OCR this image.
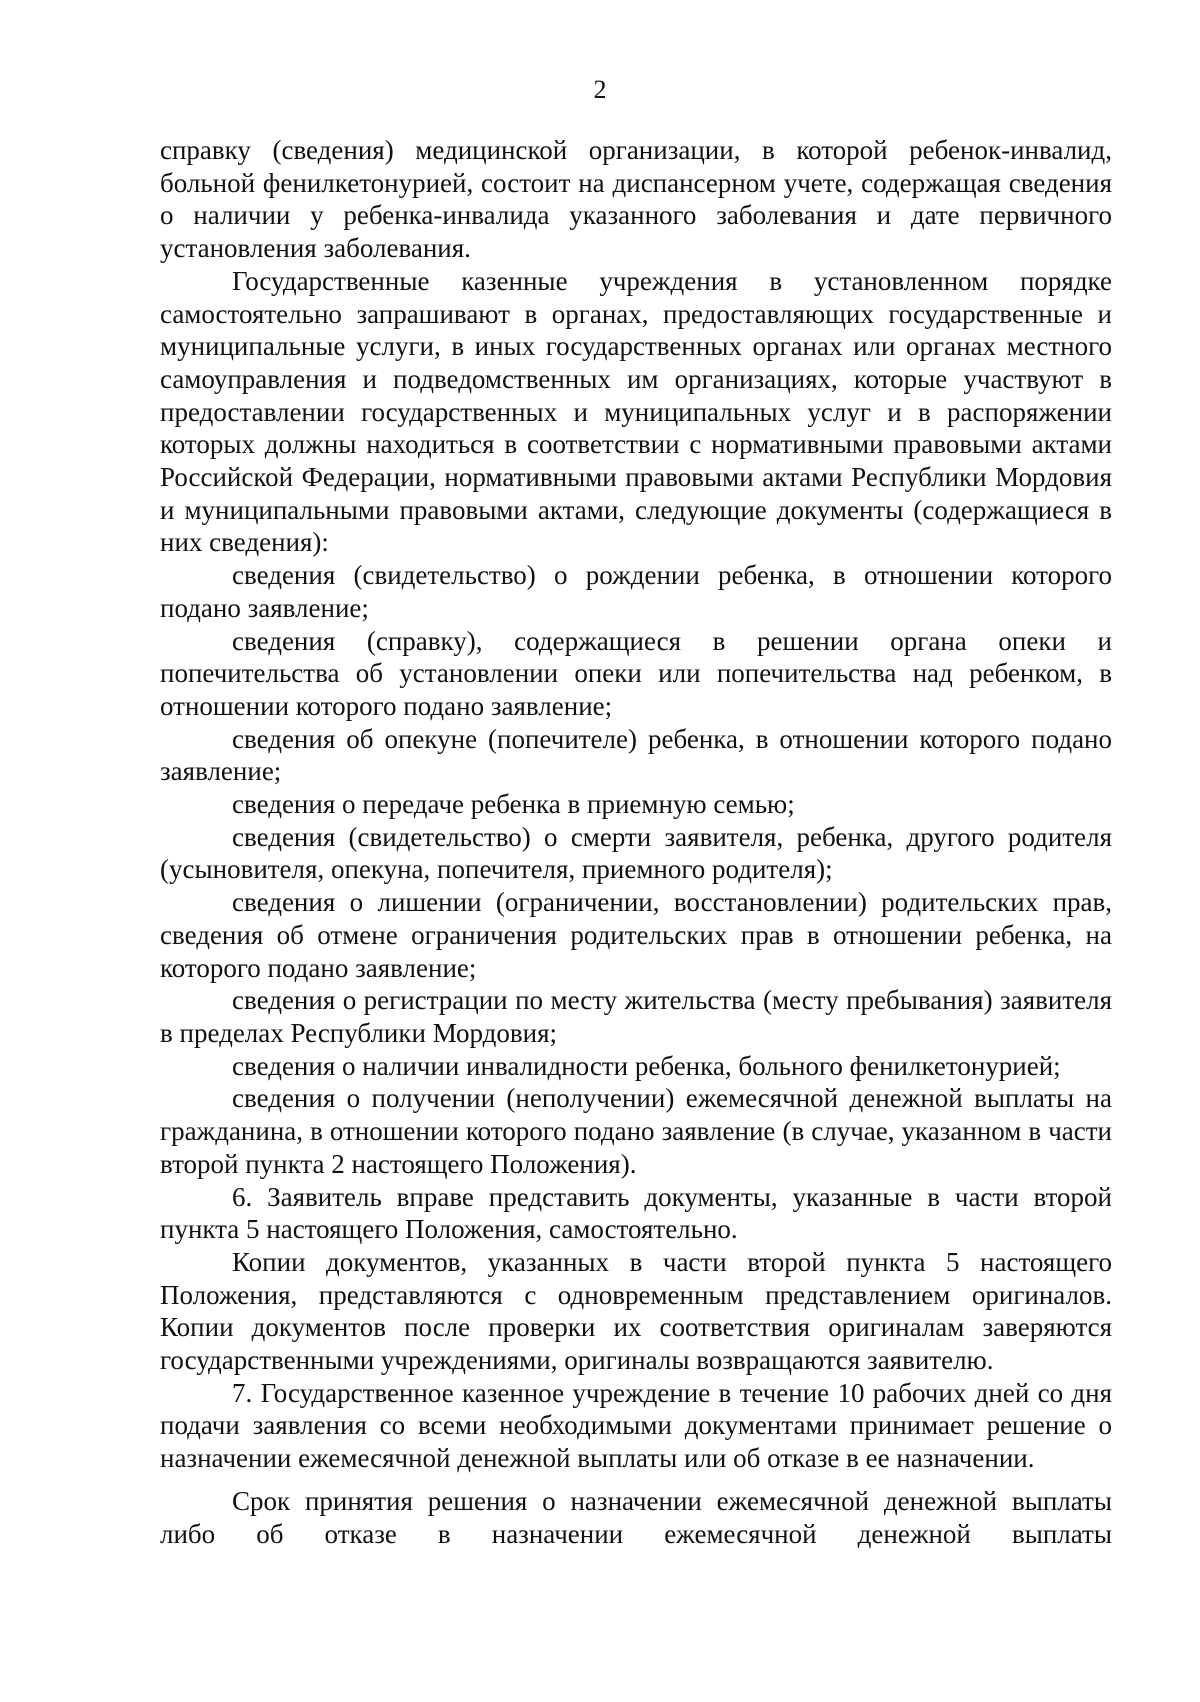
2

справку (сведения) медицинской организации, в которой ребенок-инвалид, больной фенилкетонурией, состоит на диспансерном учете, содержащая сведения о наличии у ребенка-инвалида указанного заболевания и дате первичного установления заболевания.

Государственные казенные учреждения в установленном порядке самостоятельно запрашивают в органах, предоставляющих государственные и муниципальные услуги, в иных государственных органах или органах местного самоуправления и подведомственных им организациях, которые участвуют в предоставлении государственных и муниципальных услуг и в распоряжении которых должны находиться в соответствии с нормативными правовыми актами Российской Федерации, нормативными правовыми актами Республики Мордовия и муниципальными правовыми актами, следующие документы (содержащиеся в них сведения):

сведения (свидетельство) о рождении ребенка, в отношении которого подано заявление;

сведения (справку), содержащиеся в решении органа опеки и попечительства об установлении опеки или попечительства над ребенком, в отношении которого подано заявление;

сведения об опекуне (попечителе) ребенка, в отношении которого подано заявление;

сведения о передаче ребенка в приемную семью;

сведения (свидетельство) о смерти заявителя, ребенка, другого родителя (усыновителя, опекуна, попечителя, приемного родителя);

сведения о лишении (ограничении, восстановлении) родительских прав, сведения об отмене ограничения родительских прав в отношении ребенка, на которого подано заявление;

сведения о регистрации по месту жительства (месту пребывания) заявителя в пределах Республики Мордовия;

сведения о наличии инвалидности ребенка, больного фенилкетонурией;

сведения о получении (неполучении) ежемесячной денежной выплаты на гражданина, в отношении которого подано заявление (в случае, указанном в части второй пункта 2 настоящего Положения).

6. Заявитель вправе представить документы, указанные в части второй пункта 5 настоящего Положения, самостоятельно.

Копии документов, указанных в части второй пункта 5 настоящего Положения, представляются с одновременным представлением оригиналов. Копии документов после проверки их соответствия оригиналам заверяются государственными учреждениями, оригиналы возвращаются заявителю.

7. Государственное казенное учреждение в течение 10 рабочих дней со дня подачи заявления со всеми необходимыми документами принимает решение о назначении ежемесячной денежной выплаты или об отказе в ее назначении.

Срок принятия решения о назначении ежемесячной денежной выплаты либо об отказе в назначении ежемесячной денежной выплаты
